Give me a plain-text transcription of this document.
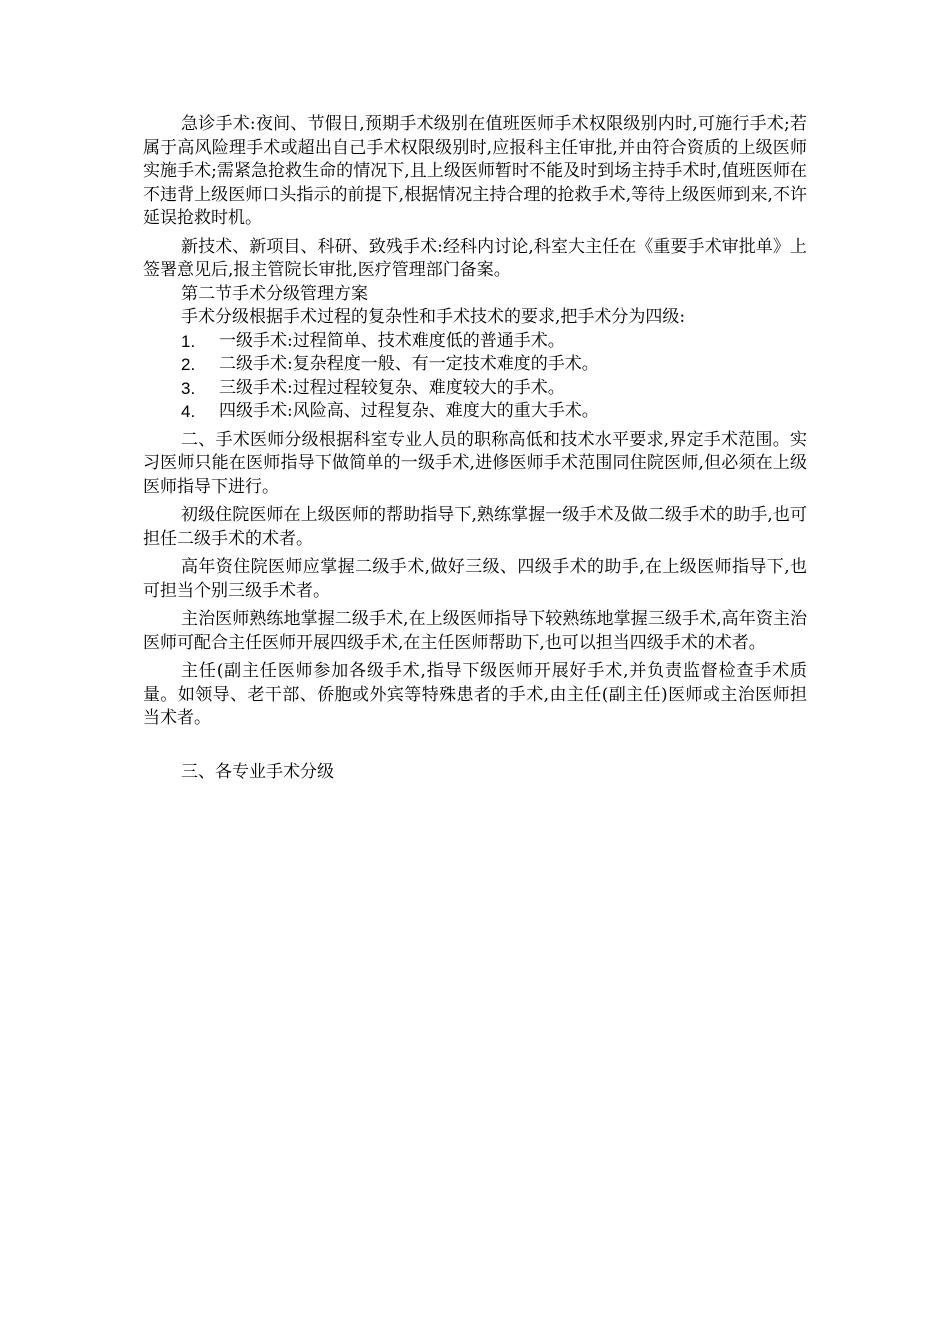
急诊手术:夜间、节假日,预期手术级别在值班医师手术权限级别内时,可施行手术;若属于高风险理手术或超出自己手术权限级别时,应报科主任审批,并由符合资质的上级医师实施手术;需紧急抢救生命的情况下,且上级医师暂时不能及时到场主持手术时,值班医师在不违背上级医师口头指示的前提下,根据情况主持合理的抢救手术,等待上级医师到来,不许延误抢救时机。

新技术、新项目、科研、致残手术:经科内讨论,科室大主任在《重要手术审批单》上签署意见后,报主管院长审批,医疗管理部门备案。

第二节手术分级管理方案

手术分级根据手术过程的复杂性和手术技术的要求,把手术分为四级:

1.	一级手术:过程简单、技术难度低的普通手术。
2.	二级手术:复杂程度一般、有一定技术难度的手术。
3.	三级手术:过程过程较复杂、难度较大的手术。
4.	四级手术:风险高、过程复杂、难度大的重大手术。

二、手术医师分级根据科室专业人员的职称高低和技术水平要求,界定手术范围。实习医师只能在医师指导下做简单的一级手术,进修医师手术范围同住院医师,但必须在上级医师指导下进行。

初级住院医师在上级医师的帮助指导下,熟练掌握一级手术及做二级手术的助手,也可担任二级手术的术者。

高年资住院医师应掌握二级手术,做好三级、四级手术的助手,在上级医师指导下,也可担当个别三级手术者。

主治医师熟练地掌握二级手术,在上级医师指导下较熟练地掌握三级手术,高年资主治医师可配合主任医师开展四级手术,在主任医师帮助下,也可以担当四级手术的术者。

主任(副主任医师参加各级手术,指导下级医师开展好手术,并负责监督检查手术质量。如领导、老干部、侨胞或外宾等特殊患者的手术,由主任(副主任)医师或主治医师担当术者。

三、各专业手术分级
